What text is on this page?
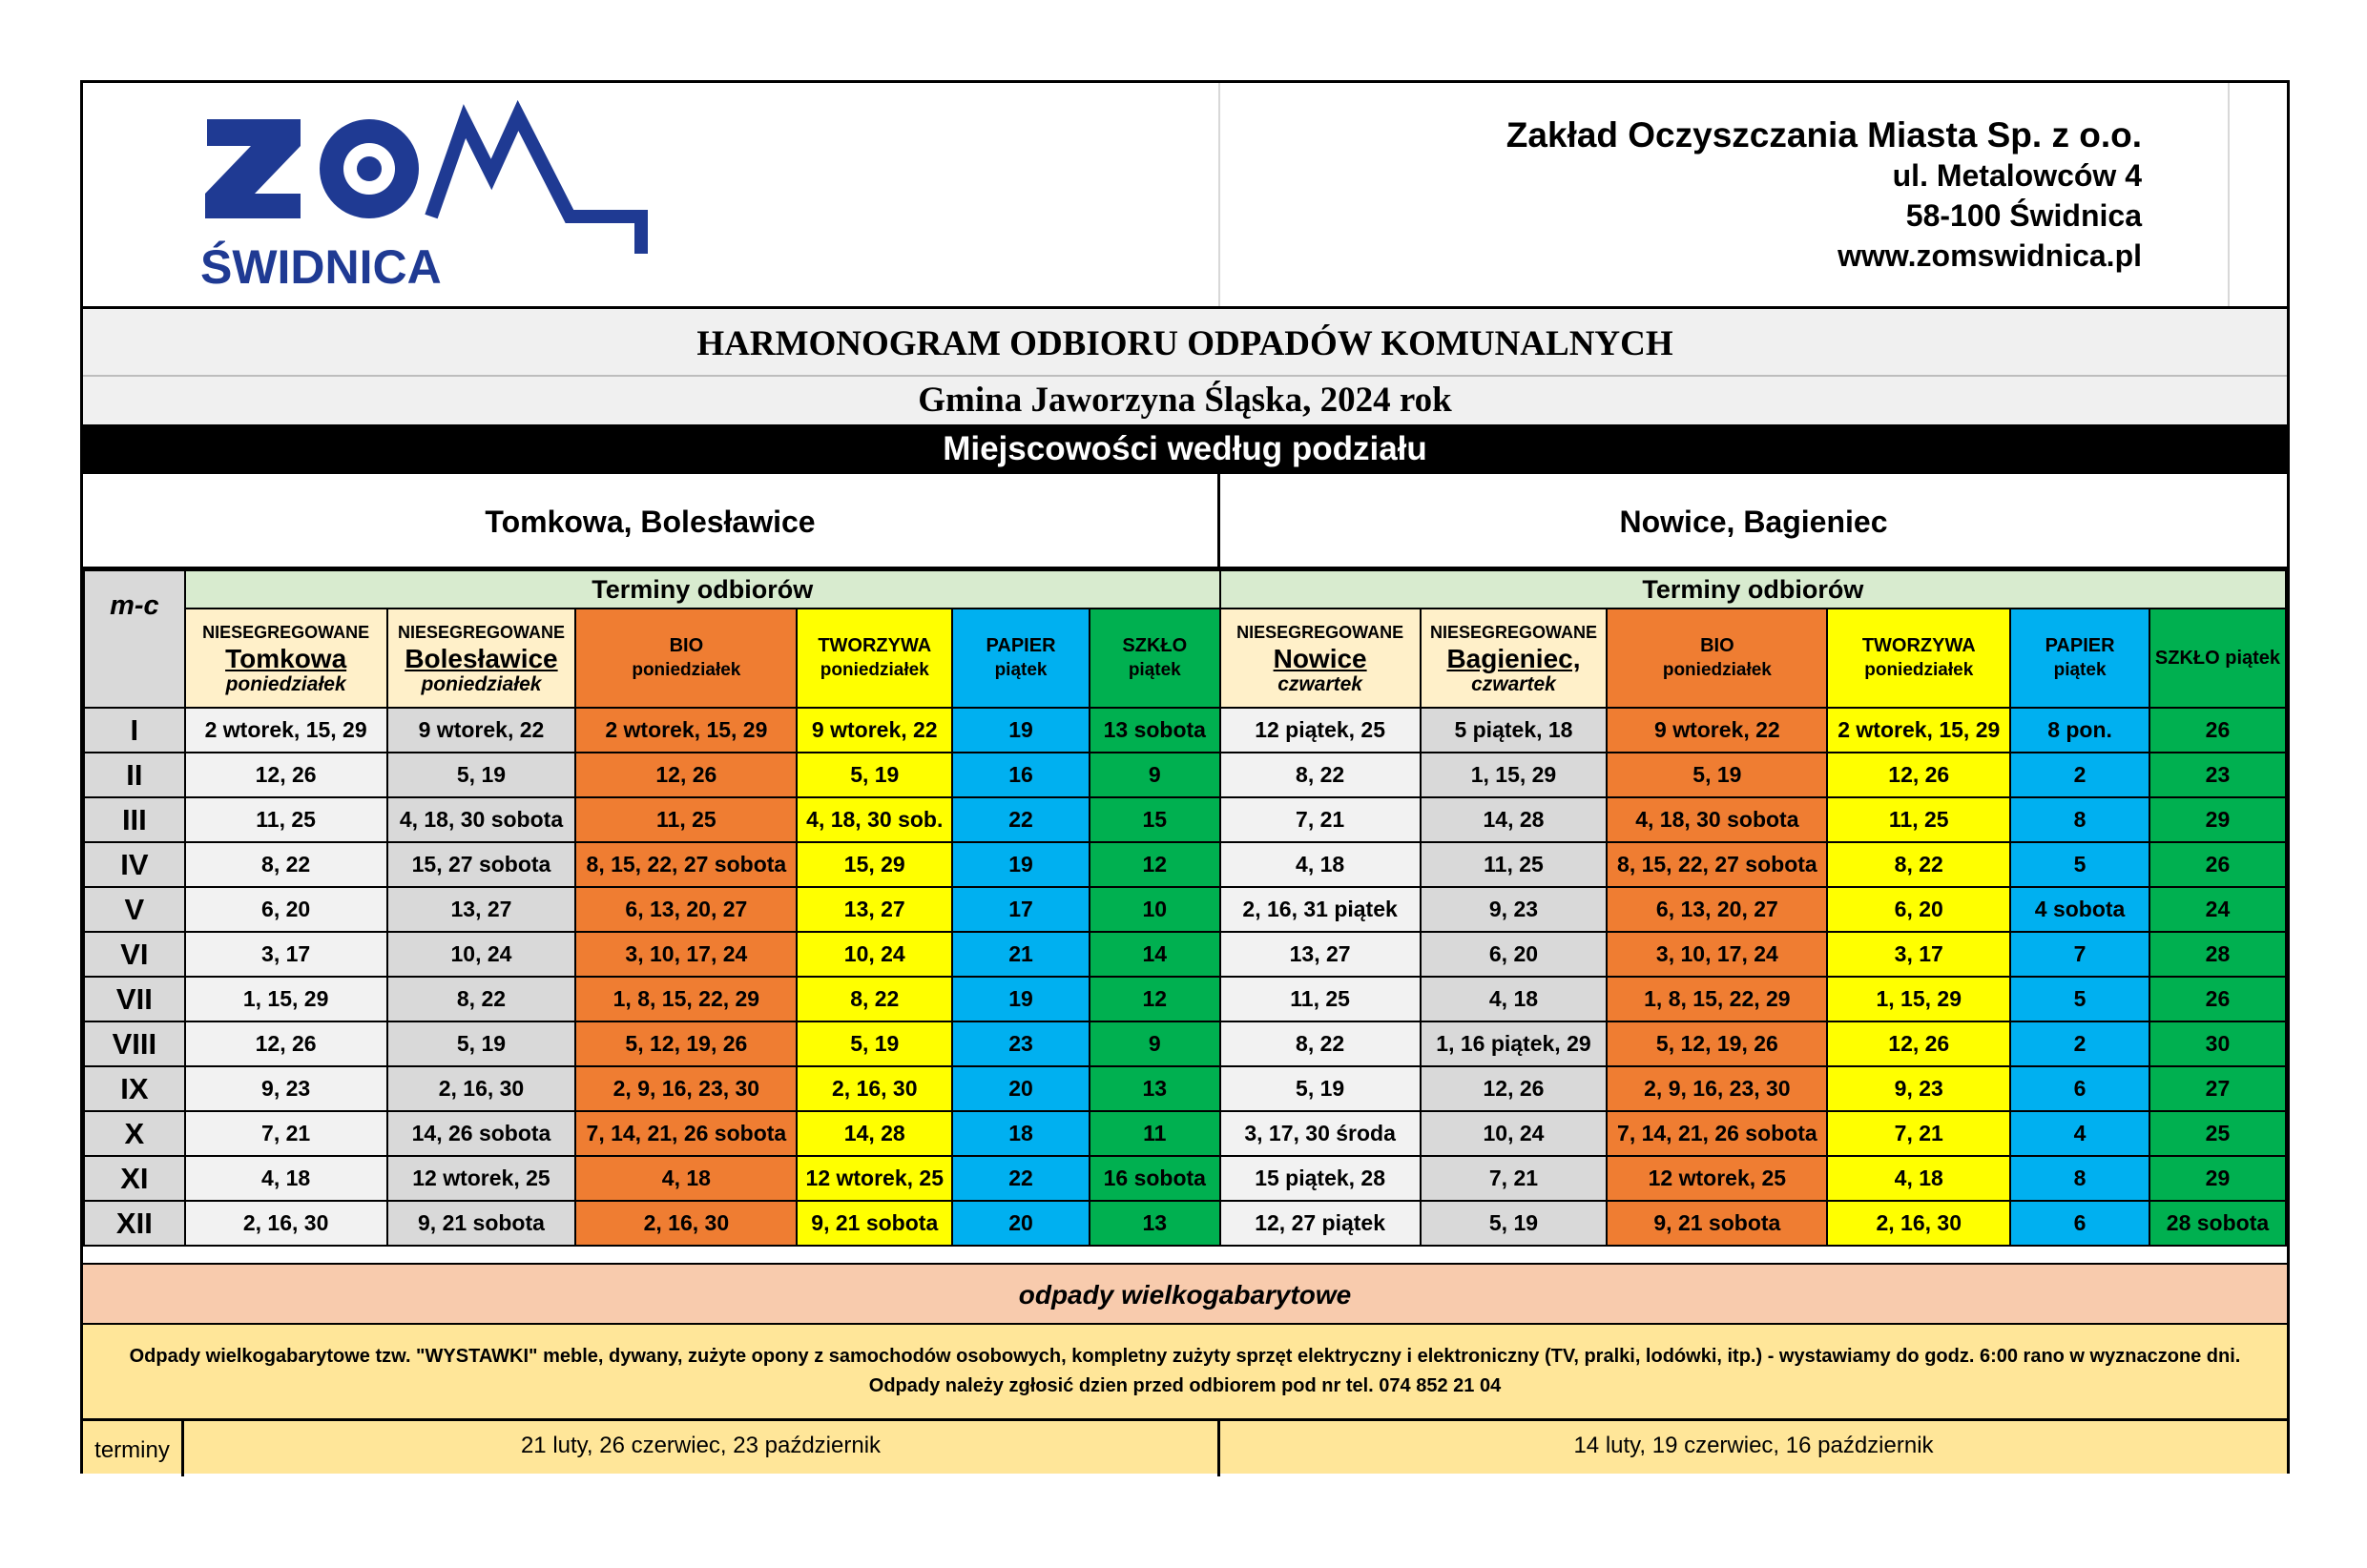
ŚWIDNICA
Zakład Oczyszczania Miasta Sp. z o.o.
ul. Metalowców 4
58-100 Świdnica
www.zomswidnica.pl
HARMONOGRAM ODBIORU ODPADÓW KOMUNALNYCH
Gmina Jaworzyna Śląska, 2024 rok
Miejscowości według podziału
Tomkowa, Bolesławice	Nowice, Bagieniec
m-c	Terminy odbiorów						Terminy odbiorów					

	NIESEGREGOWANE
Tomkowa
poniedziałek	NIESEGREGOWANE
Bolesławice
poniedziałek	BIO
poniedziałek	TWORZYWA
poniedziałek	PAPIER
piątek	SZKŁO
piątek	NIESEGREGOWANE
Nowice
czwartek	NIESEGREGOWANE
Bagieniec,
czwartek	BIO
poniedziałek	TWORZYWA
poniedziałek	PAPIER
piątek	SZKŁO piątek

I	2 wtorek, 15, 29	9 wtorek, 22	2 wtorek, 15, 29	9 wtorek, 22	19	13 sobota	12 piątek, 25	5 piątek, 18	9 wtorek, 22	2 wtorek, 15, 29	8 pon.	26
II	12, 26	5, 19	12, 26	5, 19	16	9	8, 22	1, 15, 29	5, 19	12, 26	2	23
III	11, 25	4, 18, 30 sobota	11, 25	4, 18, 30 sob.	22	15	7, 21	14, 28	4, 18, 30 sobota	11, 25	8	29
IV	8, 22	15, 27 sobota	8, 15, 22, 27 sobota	15, 29	19	12	4, 18	11, 25	8, 15, 22, 27 sobota	8, 22	5	26
V	6, 20	13, 27	6, 13, 20, 27	13, 27	17	10	2, 16, 31 piątek	9, 23	6, 13, 20, 27	6, 20	4 sobota	24
VI	3, 17	10, 24	3, 10, 17, 24	10, 24	21	14	13, 27	6, 20	3, 10, 17, 24	3, 17	7	28
VII	1, 15, 29	8, 22	1, 8, 15, 22, 29	8, 22	19	12	11, 25	4, 18	1, 8, 15, 22, 29	1, 15, 29	5	26
VIII	12, 26	5, 19	5, 12, 19, 26	5, 19	23	9	8, 22	1, 16 piątek, 29	5, 12, 19, 26	12, 26	2	30
IX	9, 23	2, 16, 30	2, 9, 16, 23, 30	2, 16, 30	20	13	5, 19	12, 26	2, 9, 16, 23, 30	9, 23	6	27
X	7, 21	14, 26 sobota	7, 14, 21, 26 sobota	14, 28	18	11	3, 17, 30 środa	10, 24	7, 14, 21, 26 sobota	7, 21	4	25
XI	4, 18	12 wtorek, 25	4, 18	12 wtorek, 25	22	16 sobota	15 piątek, 28	7, 21	12 wtorek, 25	4, 18	8	29
XII	2, 16, 30	9, 21 sobota	2, 16, 30	9, 21 sobota	20	13	12, 27 piątek	5, 19	9, 21 sobota	2, 16, 30	6	28 sobota
odpady wielkogabarytowe
Odpady wielkogabarytowe tzw. "WYSTAWKI" meble, dywany, zużyte opony z samochodów osobowych, kompletny zużyty sprzęt elektryczny i elektroniczny (TV, pralki, lodówki, itp.) - wystawiamy do godz. 6:00 rano w wyznaczone dni.
Odpady należy zgłosić dzien przed odbiorem pod nr tel. 074 852 21 04
terminy	21 luty, 26 czerwiec, 23 październik	14 luty, 19 czerwiec, 16 październik
